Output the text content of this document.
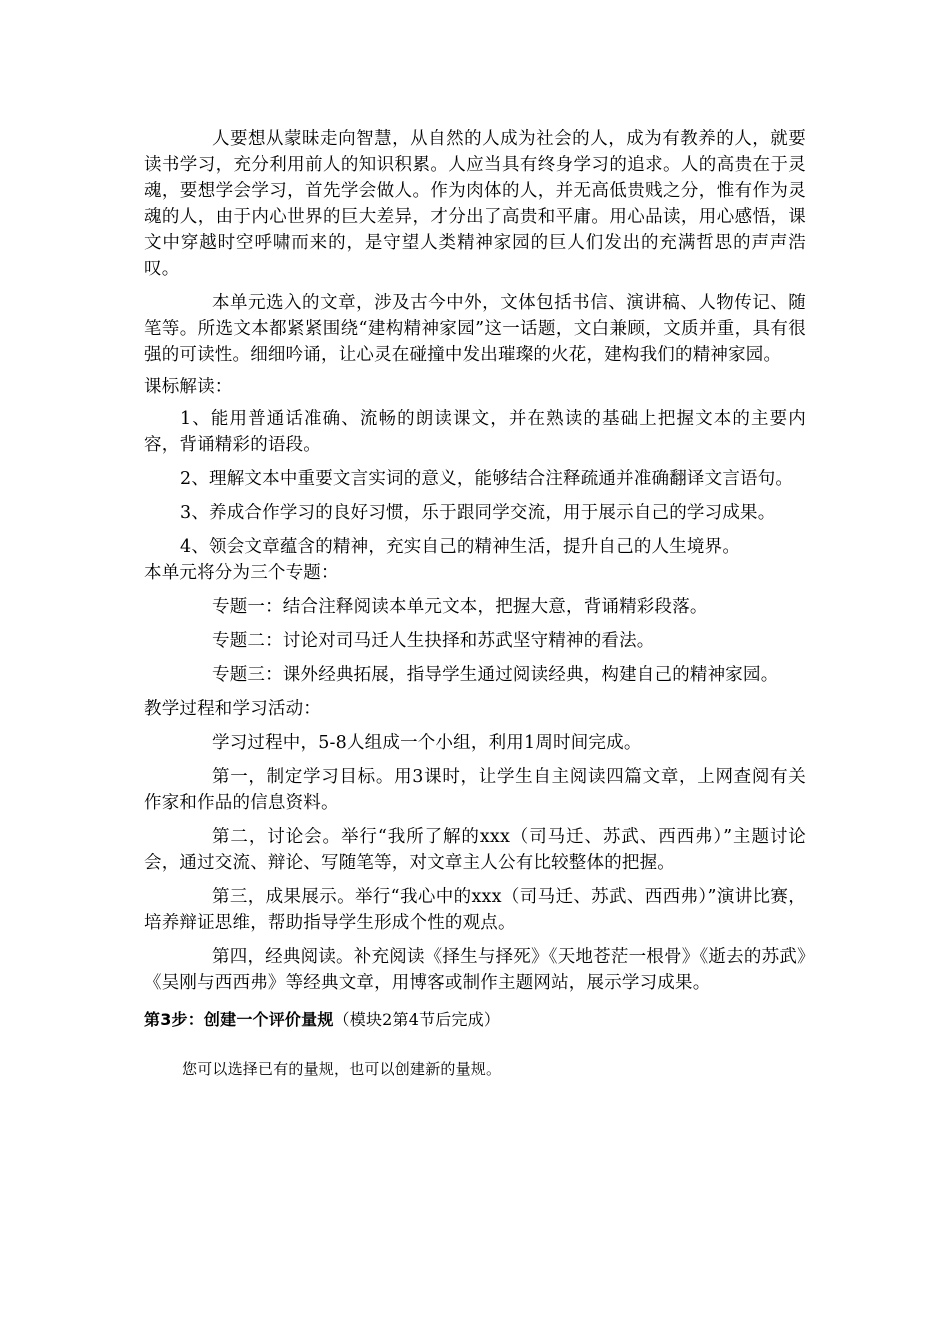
人要想从蒙昧走向智慧，从自然的人成为社会的人，成为有教养的人，就要读书学习，充分利用前人的知识积累。人应当具有终身学习的追求。人的高贵在于灵魂，要想学会学习，首先学会做人。作为肉体的人，并无高低贵贱之分，惟有作为灵魂的人，由于内心世界的巨大差异，才分出了高贵和平庸。用心品读，用心感悟，课文中穿越时空呼啸而来的，是守望人类精神家园的巨人们发出的充满哲思的声声浩叹。

本单元选入的文章，涉及古今中外，文体包括书信、演讲稿、人物传记、随笔等。所选文本都紧紧围绕“建构精神家园”这一话题，文白兼顾，文质并重，具有很强的可读性。细细吟诵，让心灵在碰撞中发出璀璨的火花，建构我们的精神家园。

课标解读：

1、能用普通话准确、流畅的朗读课文，并在熟读的基础上把握文本的主要内容，背诵精彩的语段。

2、理解文本中重要文言实词的意义，能够结合注释疏通并准确翻译文言语句。

3、养成合作学习的良好习惯，乐于跟同学交流，用于展示自己的学习成果。

4、领会文章蕴含的精神，充实自己的精神生活，提升自己的人生境界。

本单元将分为三个专题：

专题一：结合注释阅读本单元文本，把握大意，背诵精彩段落。

专题二：讨论对司马迁人生抉择和苏武坚守精神的看法。

专题三：课外经典拓展，指导学生通过阅读经典，构建自己的精神家园。

教学过程和学习活动：

学习过程中，5-8人组成一个小组，利用1周时间完成。

第一，制定学习目标。用3课时，让学生自主阅读四篇文章，上网查阅有关作家和作品的信息资料。

第二，讨论会。举行“我所了解的xxx（司马迁、苏武、西西弗）”主题讨论会，通过交流、辩论、写随笔等，对文章主人公有比较整体的把握。

第三，成果展示。举行“我心中的xxx（司马迁、苏武、西西弗）”演讲比赛，培养辩证思维，帮助指导学生形成个性的观点。

第四，经典阅读。补充阅读《择生与择死》《天地苍茫一根骨》《逝去的苏武》《吴刚与西西弗》等经典文章，用博客或制作主题网站，展示学习成果。

第3步：创建一个评价量规（模块2第4节后完成）

您可以选择已有的量规，也可以创建新的量规。
